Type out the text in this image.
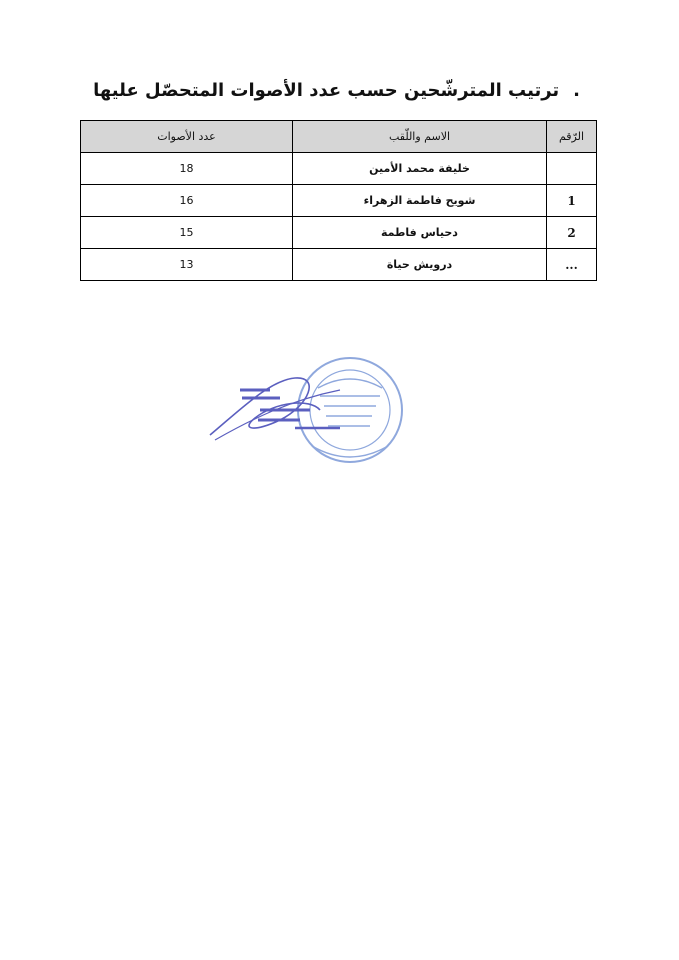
.ترتيب المترشّحين حسب عدد الأصوات المتحصّل عليها
الرّقم	الاسم واللّقب	عدد الأصوات
	خليفة محمد الأمين	18
1	شويح فاطمة الزهراء	16
2	دحياس فاطمة	15
...	درويش حياة	13
